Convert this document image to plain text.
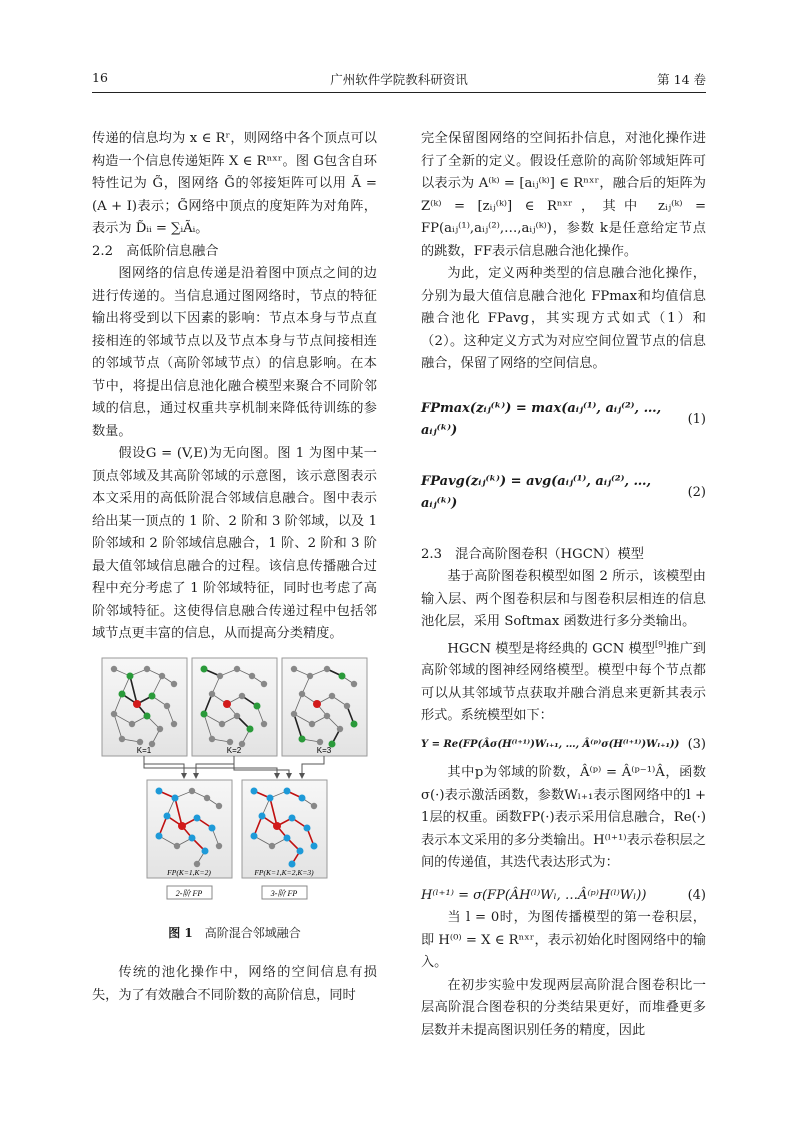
16	广州软件学院教科研资讯	第 14 卷

传递的信息均为 x ∈ Rʳ，则网络中各个顶点可以构造一个信息传递矩阵 X ∈ Rⁿˣʳ。图 G包含自环特性记为 G̃，图网络 G̃的邻接矩阵可以用 Ã = (A + I)表示；G̃网络中顶点的度矩阵为对角阵，表示为 D̃ᵢᵢ = ∑ᵢÃᵢ。

2.2　高低阶信息融合

图网络的信息传递是沿着图中顶点之间的边进行传递的。当信息通过图网络时，节点的特征输出将受到以下因素的影响：节点本身与节点直接相连的邻域节点以及节点本身与节点间接相连的邻域节点（高阶邻域节点）的信息影响。在本节中，将提出信息池化融合模型来聚合不同阶邻域的信息，通过权重共享机制来降低待训练的参数量。

假设G = (V,E)为无向图。图 1 为图中某一顶点邻域及其高阶邻域的示意图，该示意图表示本文采用的高低阶混合邻域信息融合。图中表示给出某一顶点的 1 阶、2 阶和 3 阶邻域，以及 1 阶邻域和 2 阶邻域信息融合，1 阶、2 阶和 3 阶最大值邻域信息融合的过程。该信息传播融合过程中充分考虑了 1 阶邻域特征，同时也考虑了高阶邻域特征。这使得信息融合传递过程中包括邻域节点更丰富的信息，从而提高分类精度。

K=1	K=2	K=3
FP(K=1,K=2)	FP(K=1,K=2,K=3)
2-阶 FP	3-阶 FP
图 1 高阶混合邻域融合

传统的池化操作中，网络的空间信息有损失，为了有效融合不同阶数的高阶信息，同时

完全保留图网络的空间拓扑信息，对池化操作进行了全新的定义。假设任意阶的高阶邻域矩阵可以表示为 A⁽ᵏ⁾ = [aᵢⱼ⁽ᵏ⁾] ∈ Rⁿˣʳ，融合后的矩阵为 Z⁽ᵏ⁾ = [zᵢⱼ⁽ᵏ⁾] ∈ Rⁿˣʳ，其中 zᵢⱼ⁽ᵏ⁾ = FP(aᵢⱼ⁽¹⁾,aᵢⱼ⁽²⁾,…,aᵢⱼ⁽ᵏ⁾)，参数 k是任意给定节点的跳数，FF表示信息融合池化操作。

为此，定义两种类型的信息融合池化操作，分别为最大值信息融合池化 FPmax和均值信息融合池化 FPavg，其实现方式如式（1）和（2）。这种定义方式为对应空间位置节点的信息融合，保留了网络的空间信息。

FPmax(zᵢⱼ⁽ᵏ⁾) = max(aᵢⱼ⁽¹⁾, aᵢⱼ⁽²⁾, …, aᵢⱼ⁽ᵏ⁾)
(1)
FPavg(zᵢⱼ⁽ᵏ⁾) = avg(aᵢⱼ⁽¹⁾, aᵢⱼ⁽²⁾, …, aᵢⱼ⁽ᵏ⁾)
(2)

2.3　混合高阶图卷积（HGCN）模型

基于高阶图卷积模型如图 2 所示，该模型由输入层、两个图卷积层和与图卷积层相连的信息池化层，采用 Softmax 函数进行多分类输出。

HGCN 模型是将经典的 GCN 模型[9]推广到高阶邻域的图神经网络模型。模型中每个节点都可以从其邻域节点获取并融合消息来更新其表示形式。系统模型如下：

Y = Re(FP(Âσ(H⁽ˡ⁺¹⁾)Wₗ₊₁, …, Â⁽ᵖ⁾σ(H⁽ˡ⁺¹⁾)Wₗ₊₁)) (3)

其中p为邻域的阶数，Â⁽ᵖ⁾ = Â⁽ᵖ⁻¹⁾Â，函数σ(·)表示激活函数，参数Wₗ₊₁表示图网络中的l + 1层的权重。函数FP(·)表示采用信息融合，Re(·)表示本文采用的多分类输出。H⁽ˡ⁺¹⁾表示卷积层之间的传递值，其迭代表达形式为：

H⁽ˡ⁺¹⁾ = σ(FP(ÂH⁽ˡ⁾Wₗ, …Â⁽ᵖ⁾H⁽ˡ⁾Wₗ))	(4)

当 l = 0时，为图传播模型的第一卷积层，即 H⁽⁰⁾ = X ∈ Rⁿˣʳ，表示初始化时图网络中的输入。

在初步实验中发现两层高阶混合图卷积比一层高阶混合图卷积的分类结果更好，而堆叠更多层数并未提高图识别任务的精度，因此
